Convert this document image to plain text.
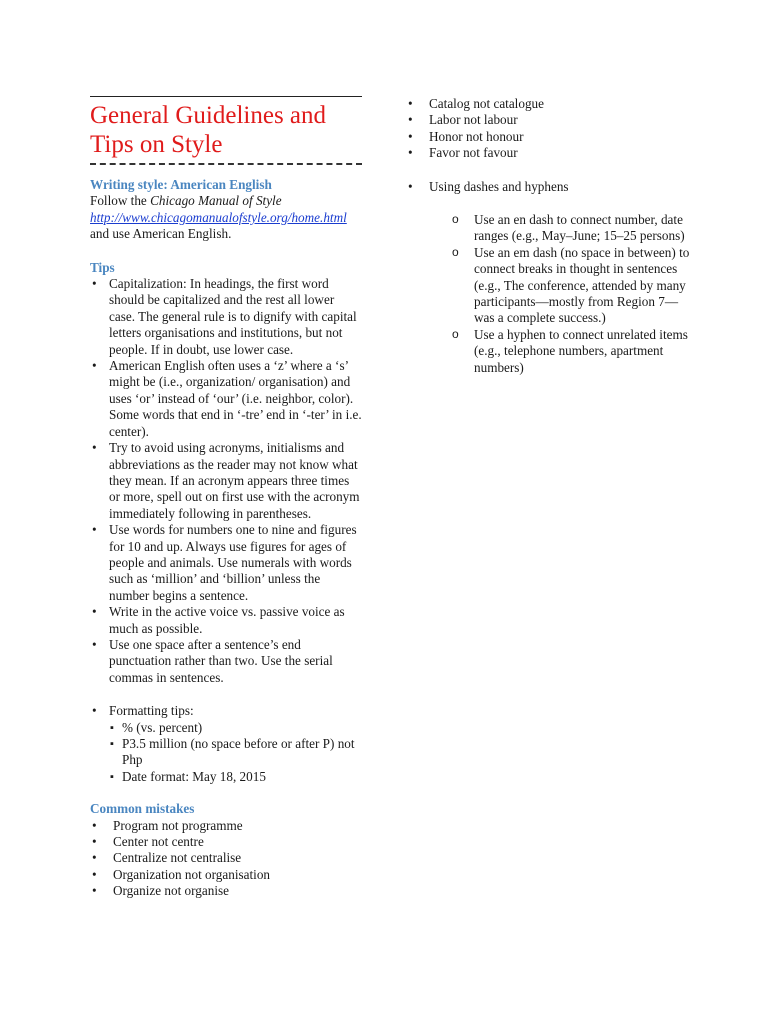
General Guidelines and Tips on Style

Writing style: American English

Follow the Chicago Manual of Style
http://www.chicagomanualofstyle.org/home.html and use American English.

Tips

• Capitalization: In headings, the first word should be capitalized and the rest all lower case. The general rule is to dignify with capital letters organisations and institutions, but not people. If in doubt, use lower case.
• American English often uses a ‘z’ where a ‘s’ might be (i.e., organization/ organisation) and uses ‘or’ instead of ‘our’ (i.e. neighbor, color). Some words that end in ‘-tre’ end in ‘-ter’ in i.e. center).
• Try to avoid using acronyms, initialisms and abbreviations as the reader may not know what they mean. If an acronym appears three times or more, spell out on first use with the acronym immediately following in parentheses.
• Use words for numbers one to nine and figures for 10 and up. Always use figures for ages of people and animals. Use numerals with words such as ‘million’ and ‘billion’ unless the number begins a sentence.
• Write in the active voice vs. passive voice as much as possible.
• Use one space after a sentence’s end punctuation rather than two. Use the serial commas in sentences.
• Formatting tips:
▪ % (vs. percent)
▪ P3.5 million (no space before or after P) not Php
▪ Date format: May 18, 2015

Common mistakes

• Program not programme
• Center not centre
• Centralize not centralise
• Organization not organisation
• Organize not organise
• Catalog not catalogue
• Labor not labour
• Honor not honour
• Favor not favour
• Using dashes and hyphens
o Use an en dash to connect number, date ranges (e.g., May–June; 15–25 persons)
o Use an em dash (no space in between) to connect breaks in thought in sentences (e.g., The conference, attended by many participants—mostly from Region 7—was a complete success.)
o Use a hyphen to connect unrelated items (e.g., telephone numbers, apartment numbers)
